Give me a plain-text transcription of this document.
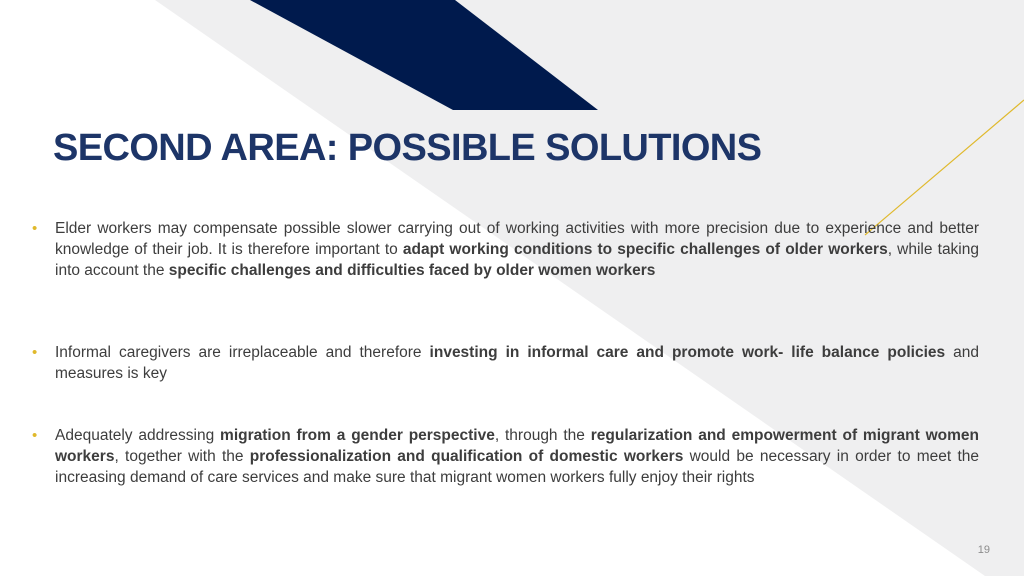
SECOND AREA: POSSIBLE SOLUTIONS
• Elder workers may compensate possible slower carrying out of working activities with more precision due to experience and better knowledge of their job. It is therefore important to adapt working conditions to specific challenges of older workers, while taking into account the specific challenges and difficulties faced by older women workers
• Informal caregivers are irreplaceable and therefore investing in informal care and promote work- life balance policies and measures is key
• Adequately addressing migration from a gender perspective, through the regularization and empowerment of migrant women workers, together with the professionalization and qualification of domestic workers would be necessary in order to meet the increasing demand of care services and make sure that migrant women workers fully enjoy their rights
19
